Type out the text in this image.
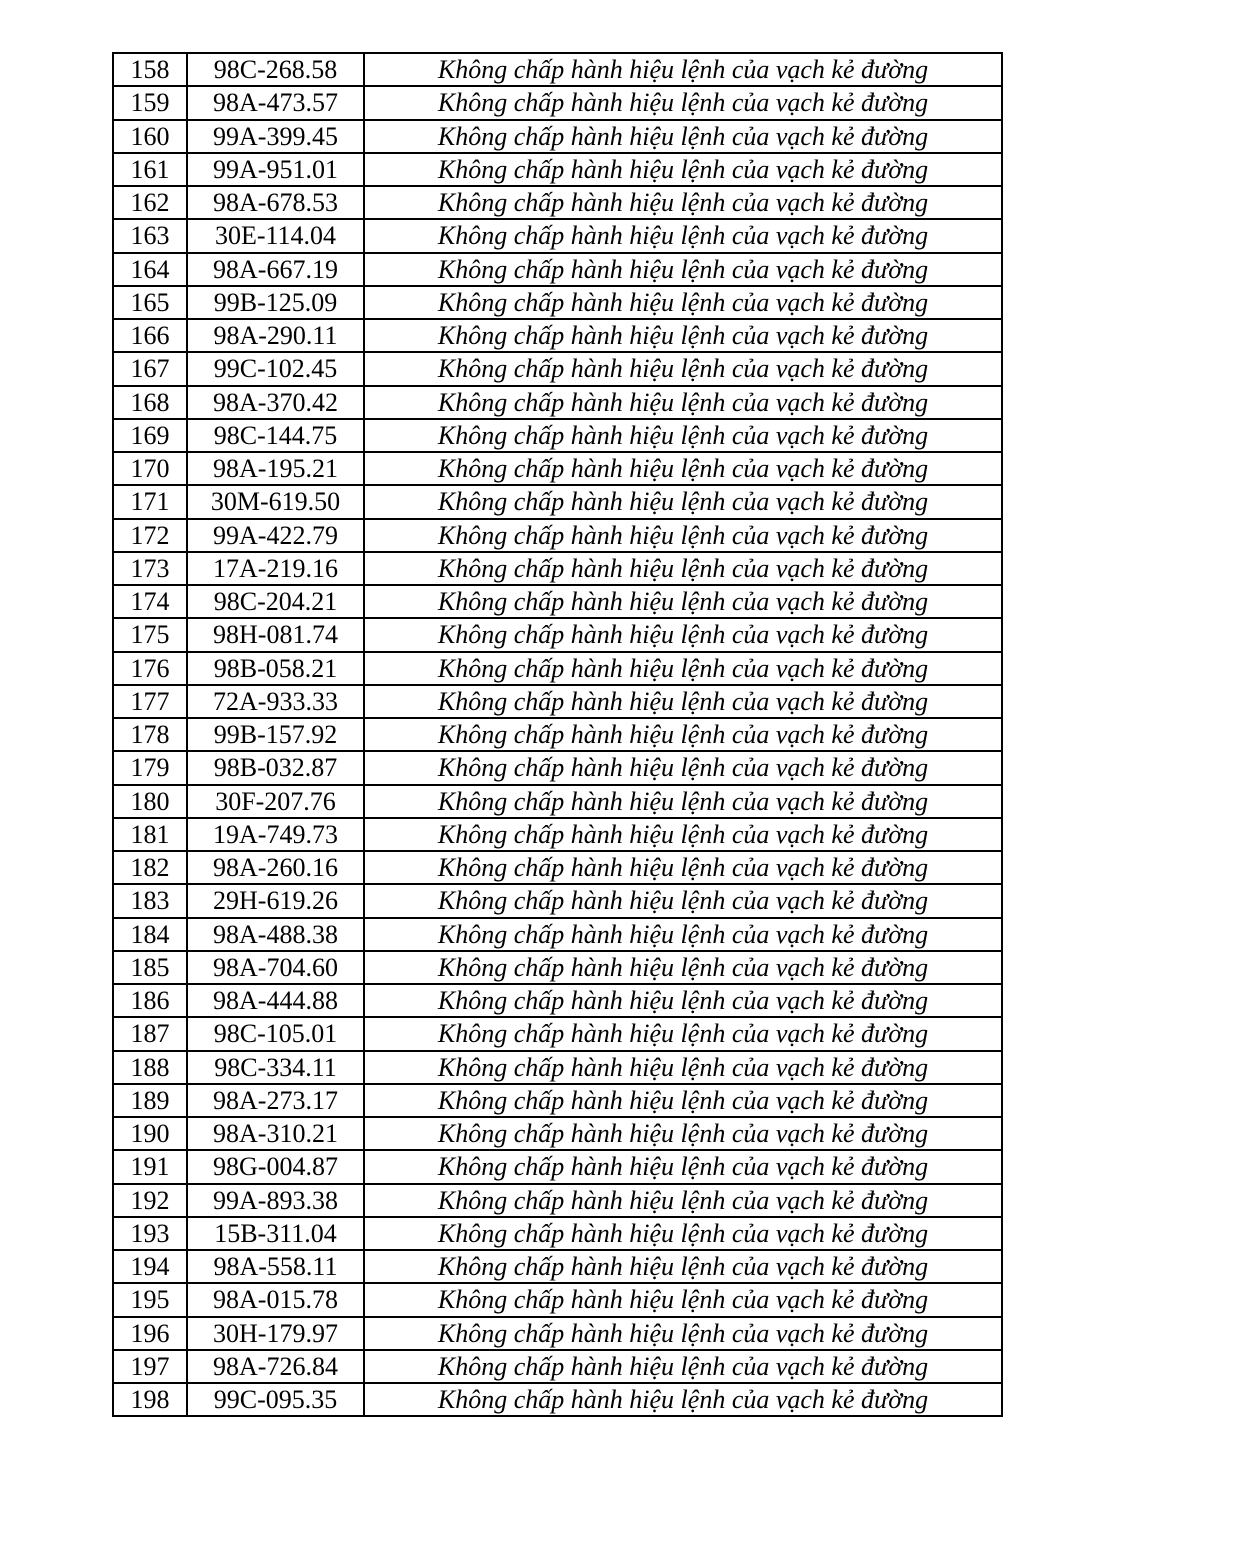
158	98C-268.58	Không chấp hành hiệu lệnh của vạch kẻ đường
159	98A-473.57	Không chấp hành hiệu lệnh của vạch kẻ đường
160	99A-399.45	Không chấp hành hiệu lệnh của vạch kẻ đường
161	99A-951.01	Không chấp hành hiệu lệnh của vạch kẻ đường
162	98A-678.53	Không chấp hành hiệu lệnh của vạch kẻ đường
163	30E-114.04	Không chấp hành hiệu lệnh của vạch kẻ đường
164	98A-667.19	Không chấp hành hiệu lệnh của vạch kẻ đường
165	99B-125.09	Không chấp hành hiệu lệnh của vạch kẻ đường
166	98A-290.11	Không chấp hành hiệu lệnh của vạch kẻ đường
167	99C-102.45	Không chấp hành hiệu lệnh của vạch kẻ đường
168	98A-370.42	Không chấp hành hiệu lệnh của vạch kẻ đường
169	98C-144.75	Không chấp hành hiệu lệnh của vạch kẻ đường
170	98A-195.21	Không chấp hành hiệu lệnh của vạch kẻ đường
171	30M-619.50	Không chấp hành hiệu lệnh của vạch kẻ đường
172	99A-422.79	Không chấp hành hiệu lệnh của vạch kẻ đường
173	17A-219.16	Không chấp hành hiệu lệnh của vạch kẻ đường
174	98C-204.21	Không chấp hành hiệu lệnh của vạch kẻ đường
175	98H-081.74	Không chấp hành hiệu lệnh của vạch kẻ đường
176	98B-058.21	Không chấp hành hiệu lệnh của vạch kẻ đường
177	72A-933.33	Không chấp hành hiệu lệnh của vạch kẻ đường
178	99B-157.92	Không chấp hành hiệu lệnh của vạch kẻ đường
179	98B-032.87	Không chấp hành hiệu lệnh của vạch kẻ đường
180	30F-207.76	Không chấp hành hiệu lệnh của vạch kẻ đường
181	19A-749.73	Không chấp hành hiệu lệnh của vạch kẻ đường
182	98A-260.16	Không chấp hành hiệu lệnh của vạch kẻ đường
183	29H-619.26	Không chấp hành hiệu lệnh của vạch kẻ đường
184	98A-488.38	Không chấp hành hiệu lệnh của vạch kẻ đường
185	98A-704.60	Không chấp hành hiệu lệnh của vạch kẻ đường
186	98A-444.88	Không chấp hành hiệu lệnh của vạch kẻ đường
187	98C-105.01	Không chấp hành hiệu lệnh của vạch kẻ đường
188	98C-334.11	Không chấp hành hiệu lệnh của vạch kẻ đường
189	98A-273.17	Không chấp hành hiệu lệnh của vạch kẻ đường
190	98A-310.21	Không chấp hành hiệu lệnh của vạch kẻ đường
191	98G-004.87	Không chấp hành hiệu lệnh của vạch kẻ đường
192	99A-893.38	Không chấp hành hiệu lệnh của vạch kẻ đường
193	15B-311.04	Không chấp hành hiệu lệnh của vạch kẻ đường
194	98A-558.11	Không chấp hành hiệu lệnh của vạch kẻ đường
195	98A-015.78	Không chấp hành hiệu lệnh của vạch kẻ đường
196	30H-179.97	Không chấp hành hiệu lệnh của vạch kẻ đường
197	98A-726.84	Không chấp hành hiệu lệnh của vạch kẻ đường
198	99C-095.35	Không chấp hành hiệu lệnh của vạch kẻ đường
